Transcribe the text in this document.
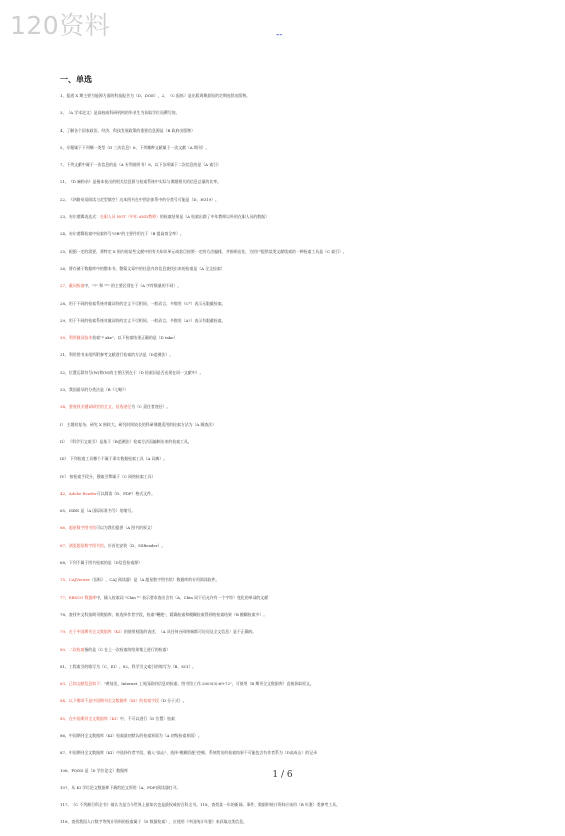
120资料	--
一、单选
1、报道 X 期主要为能源方面的科技报告为（D、DOE），2、（C 报纸）是出版周期最短的定期连续出版物。
3、（A 学术论文）是高校或科研机构的毕业生为获取学位而撰写的。
4、了解各个国家政治、经济、科技发展政策的重要信息源是（B 政府出版物）
5、专题属于下列哪一类型（D 三次信息）6、下列哪种文献属于一次文献（A 期刊）。
7、下列文献中属于一次信息的是（A 专利说明书）8、以下各项属于二次信息的是（A 索引）
21、《D 麻粉杂》是指本检出的相关信息源与检索系统中实际与课题相关的信息总量的比率。
22、《四路英语阅读与定型填空》这本图书在中图法体系中的分类号可能是（D、H319）。
23、布尔逻辑表达式：在职人员 NOT（中年 AND教师）的检索结果是（A 检索出除了中年教师以外的在职人员的数据）
24、布尔逻辑检索中检索符号"OR"的主要作用在于（B 提高查全率）。
25、根据一定的需要，将特定 X 围内的某些文献中的有关知识单元或款目按照一定的方法编排，并指明出处，为用户提供某类文献线索的一种检索工具是（C 索引）。
26、将存储于数据库中的整本书、整篇文章中的任意内容信息查找出来的检索是（A 全文检索）
27、截词检索中，"?" 和 "*" 的主要区别在于（A 字符数量的不同）。
28、用于不同的检索系统对截词符的定义不尽相同，一般而言，多数用（C*）表示无限截检索。
29、用于不同的检索系统对截词符的定义不尽相同，一般而言，多数用（A?）表示有限截检索。
30、利用截词技术检索"? ake"，以下检索结果正确的是（D take）
31、利用图书末尾所附参考文献进行检索的方法是（D追溯法）。
32、位置运算符号(W)和(N)的主要区别在于（D 检索词是否出现在同一文献中）。
33、我国最早的分类法是（B《七略》）
34、要查找关键词研究的全文，首选途径为（C 责任者途径）。
I） 主题较复杂，研究 X 围较大，研究时间较长的科研课题适用的检索方法为（A 顺查法）
II） 《科学引文索引》是基于《B追溯法》检索方法而编制出来的检索工具。
III） 下列检索工具哪个不属于事实数据检索工具（A 词典）。
IV） 按检索手段分，搜索引擎属于（C 网络检索工具）
42、Adobe Reader可以阅读（D、PDF）格式文件。
65、ISBN 是（A 国际标准书号）的缩写。
66、超星数字图书馆可以为我们提供（A 图书的原文）
67、浏览超星数字图书馆，应首先安装（D、SSReader）。
68、下列不属于图书检索的是（D信息检索源）
75、CAJViewer（国标）、CAJ 阅读器）是（A 超星数字图书馆）数据库的专用阅读软件。
77、EBSCO 数据库中，输入检索词 "Chin *" 表示要求查出含有（A、Chin 词干后允许有一个字符）变化的单词的文献
78、查找中文科技期刊数据库，如选择作者字段，检索"鞭炮"，精确检索和模糊检索得到的检索结果（B 模糊检索多）。
79、在于中国期刊全文数据库（KI）的使用权限的表述，（A 从任何台网络端都可访问及全文信息）是不正确的。
80、二次检索指的是（C 在上一次检索的结果集上进行的检索）
81、工程索引的缩写为（C、EI）。82、科学引文索引的缩写为（B、SCI）。
83、已知文献信息如下："黄灿龙、Internet 上英国政府信息的检索、图书馆工作,2003(3):69-72"，可使用（B 期刊全文数据库）直接获取原文。
84、以下哪项不是中国期刊全文数据库（KI）的检索字段（D 分子式）。
85、在中国期刊全文数据库（KI）中，不可以进行（D 位置）检索
86、中国期刊全文数据库（KI）检索最初默认的检索界面为（A 初级检索界面）。
87、中国期刊全文数据库（KI）中选择作者字段，输入"高山"，选择"模糊匹配"控制，系统给出的检索结果不可能包含有作者系为（D高成山）的记录
106、PQDD 是（D 学位论文）数据库
107、从 KI 学位论文数据库下载的论文须用（A、PDF)阅读器打开。
117、《C 不列颠百科全书》被认为是当今世界上最知名也是最权威的百科全书。118、查找某一年的新闻、事件、数据和统计资料应该用（B 年鉴）类参考工具。
118、查找我国人口数字等统计资料的检索属于（D 数据检索），应使用《中国统计年鉴》来获取这类信息。
1 / 6
